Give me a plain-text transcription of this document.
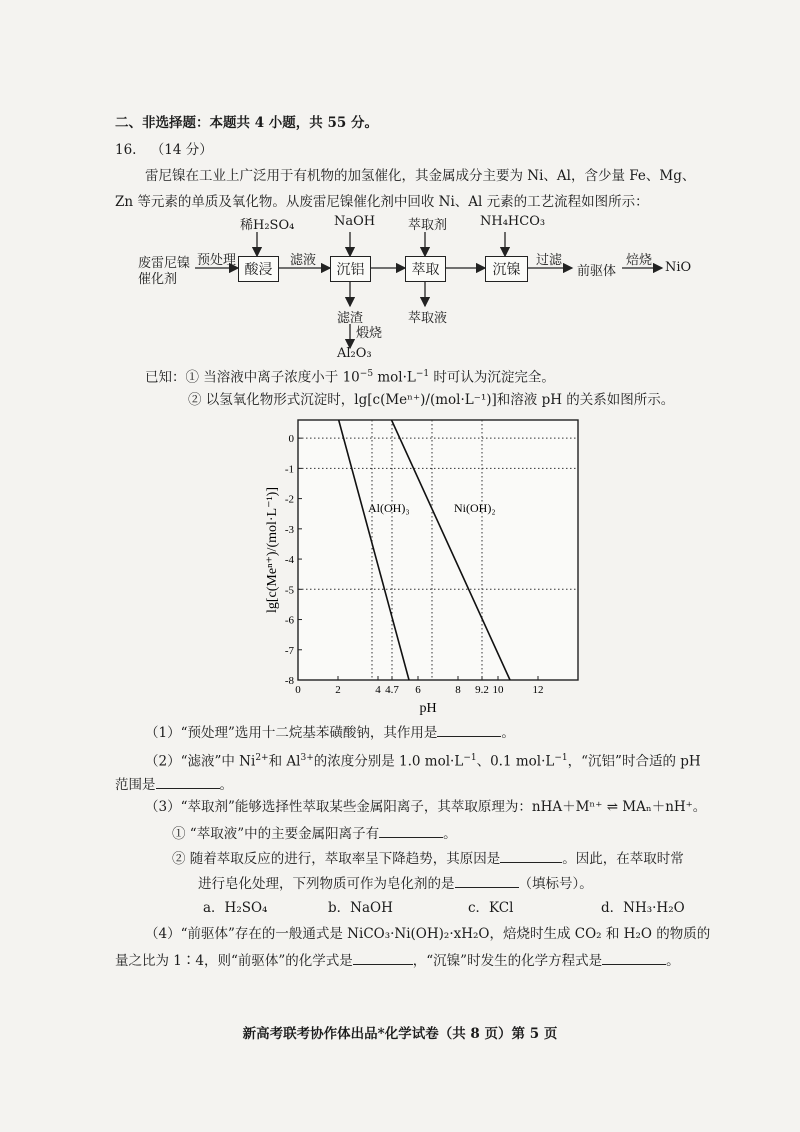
二、非选择题：本题共 4 小题，共 55 分。
16. （14 分）
雷尼镍在工业上广泛用于有机物的加氢催化，其金属成分主要为 Ni、Al，含少量 Fe、Mg、
Zn 等元素的单质及氧化物。从废雷尼镍催化剂中回收 Ni、Al 元素的工艺流程如图所示：
废雷尼镍
催化剂
预处理
稀H₂SO₄
酸浸
滤液
NaOH
沉铝
萃取剂
萃取
NH₄HCO₃
沉镍
过滤
前驱体
焙烧 NiO
滤渣
煅烧
Al₂O₃
萃取液
已知：① 当溶液中离子浓度小于 $10^{-5}$ $mol\cdot L^{-1}$ 时可认为沉淀完全。
② 以氢氧化物形式沉淀时，lg[c(Meⁿ⁺)/(mol·L⁻¹)]和溶液 pH 的关系如图所示。
0	2	4 4.7 6	8 9.2 10	12
0
-1
-2
-3
-4
-5
-6
-7
-8
Al(OH)₃	Ni(OH)₂
pH
lg[c(Meⁿ⁺)/(mol·L⁻¹)]
（1）“预处理”选用十二烷基苯磺酸钠，其作用是	。
（2）“滤液”中 $Ni^{2+}$和 $Al^{3+}$的浓度分别是 1.0 $mol\cdot L^{-1}$、0.1 $mol\cdot L^{-1}$，“沉铝”时合适的 pH
范围是	。
（3）“萃取剂”能够选择性萃取某些金属阳离子，其萃取原理为：nHA＋Mⁿ⁺ ⇌ MAₙ＋nH⁺。
① “萃取液”中的主要金属阳离子有	。
② 随着萃取反应的进行，萃取率呈下降趋势，其原因是	。因此，在萃取时常
进行皂化处理，下列物质可作为皂化剂的是	（填标号）。
a．H₂SO₄	b．NaOH	c．KCl	d．NH₃·H₂O
（4）“前驱体”存在的一般通式是 NiCO₃·Ni(OH)₂·xH₂O，焙烧时生成 CO₂ 和 H₂O 的物质的
量之比为 1∶4，则“前驱体”的化学式是	，“沉镍”时发生的化学方程式是	。
新高考联考协作体出品*化学试卷（共 8 页）第 5 页
